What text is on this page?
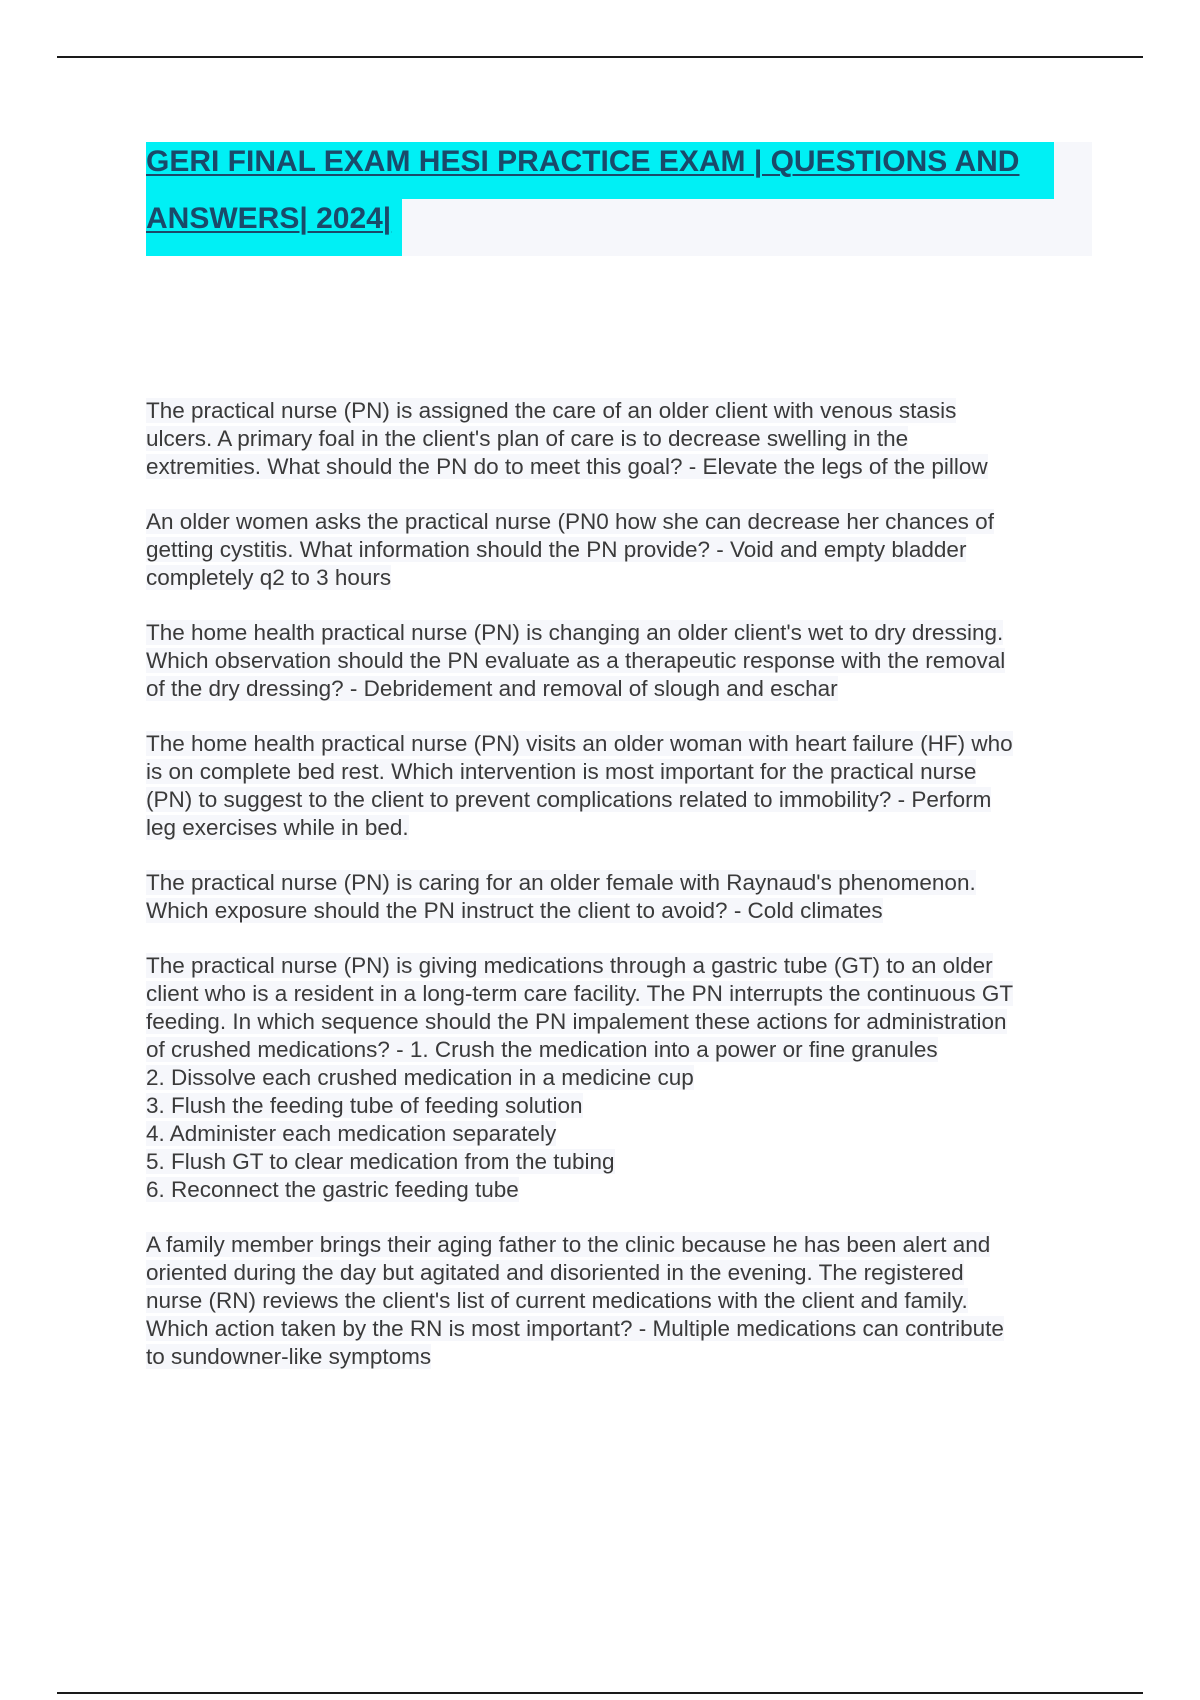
GERI FINAL EXAM HESI PRACTICE EXAM | QUESTIONS AND
ANSWERS| 2024|

The practical nurse (PN) is assigned the care of an older client with venous stasis
ulcers. A primary foal in the client's plan of care is to decrease swelling in the
extremities. What should the PN do to meet this goal? - Elevate the legs of the pillow

An older women asks the practical nurse (PN0 how she can decrease her chances of
getting cystitis. What information should the PN provide? - Void and empty bladder
completely q2 to 3 hours

The home health practical nurse (PN) is changing an older client's wet to dry dressing.
Which observation should the PN evaluate as a therapeutic response with the removal
of the dry dressing? - Debridement and removal of slough and eschar

The home health practical nurse (PN) visits an older woman with heart failure (HF) who
is on complete bed rest. Which intervention is most important for the practical nurse
(PN) to suggest to the client to prevent complications related to immobility? - Perform
leg exercises while in bed.

The practical nurse (PN) is caring for an older female with Raynaud's phenomenon.
Which exposure should the PN instruct the client to avoid? - Cold climates

The practical nurse (PN) is giving medications through a gastric tube (GT) to an older
client who is a resident in a long-term care facility. The PN interrupts the continuous GT
feeding. In which sequence should the PN impalement these actions for administration
of crushed medications? - 1. Crush the medication into a power or fine granules
2. Dissolve each crushed medication in a medicine cup
3. Flush the feeding tube of feeding solution
4. Administer each medication separately
5. Flush GT to clear medication from the tubing
6. Reconnect the gastric feeding tube

A family member brings their aging father to the clinic because he has been alert and
oriented during the day but agitated and disoriented in the evening. The registered
nurse (RN) reviews the client's list of current medications with the client and family.
Which action taken by the RN is most important? - Multiple medications can contribute
to sundowner-like symptoms
